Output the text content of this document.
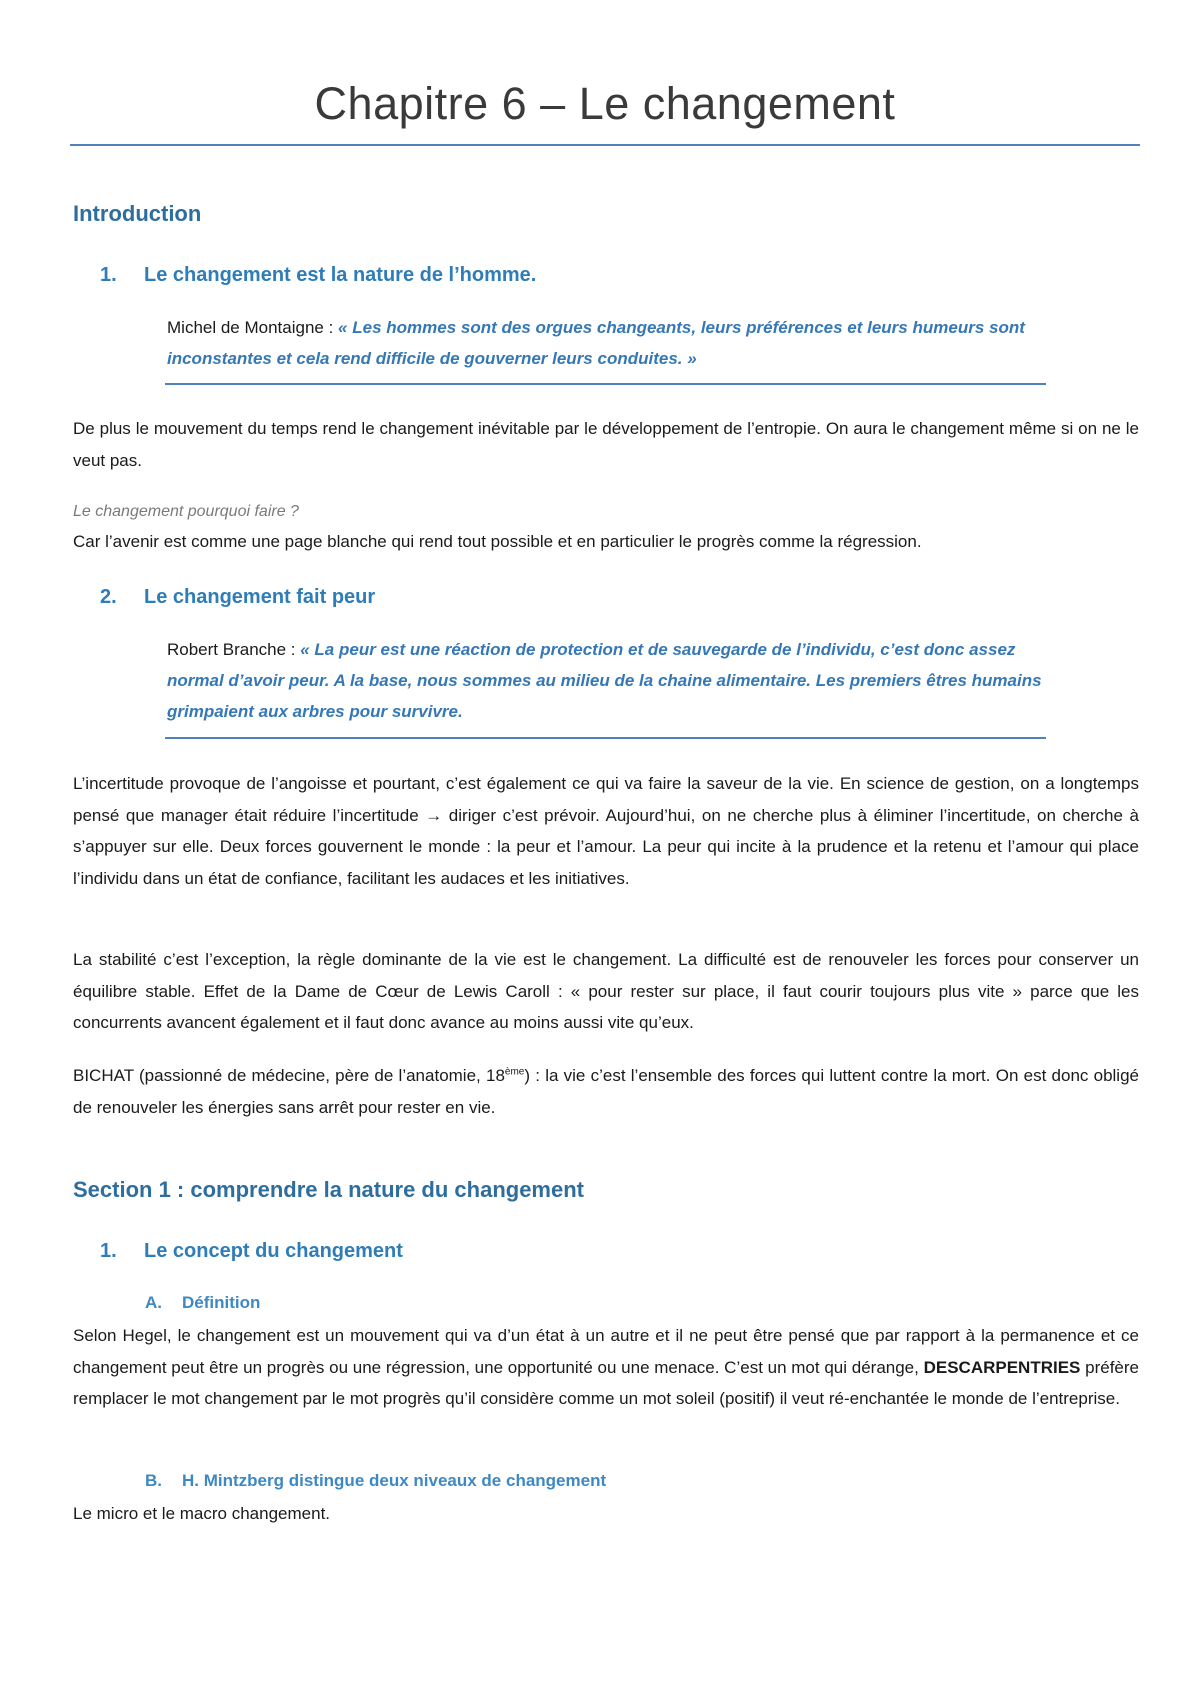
Chapitre 6 – Le changement
Introduction
1. Le changement est la nature de l’homme.
Michel de Montaigne : « Les hommes sont des orgues changeants, leurs préférences et leurs humeurs sont inconstantes et cela rend difficile de gouverner leurs conduites. »
De plus le mouvement du temps rend le changement inévitable par le développement de l’entropie. On aura le changement même si on ne le veut pas.
Le changement pourquoi faire ?
Car l’avenir est comme une page blanche qui rend tout possible et en particulier le progrès comme la régression.
2. Le changement fait peur
Robert Branche : « La peur est une réaction de protection et de sauvegarde de l’individu, c’est donc assez normal d’avoir peur. A la base, nous sommes au milieu de la chaine alimentaire. Les premiers êtres humains grimpaient aux arbres pour survivre.
L’incertitude provoque de l’angoisse et pourtant, c’est également ce qui va faire la saveur de la vie. En science de gestion, on a longtemps pensé que manager était réduire l’incertitude → diriger c’est prévoir. Aujourd’hui, on ne cherche plus à éliminer l’incertitude, on cherche à s’appuyer sur elle. Deux forces gouvernent le monde : la peur et l’amour. La peur qui incite à la prudence et la retenu et l’amour qui place l’individu dans un état de confiance, facilitant les audaces et les initiatives.
La stabilité c’est l’exception, la règle dominante de la vie est le changement. La difficulté est de renouveler les forces pour conserver un équilibre stable. Effet de la Dame de Cœur de Lewis Caroll : « pour rester sur place, il faut courir toujours plus vite » parce que les concurrents avancent également et il faut donc avance au moins aussi vite qu’eux.
BICHAT (passionné de médecine, père de l’anatomie, 18ème) : la vie c’est l’ensemble des forces qui luttent contre la mort. On est donc obligé de renouveler les énergies sans arrêt pour rester en vie.
Section 1 : comprendre la nature du changement
1. Le concept du changement
A. Définition
Selon Hegel, le changement est un mouvement qui va d’un état à un autre et il ne peut être pensé que par rapport à la permanence et ce changement peut être un progrès ou une régression, une opportunité ou une menace. C’est un mot qui dérange, DESCARPENTRIES préfère remplacer le mot changement par le mot progrès qu’il considère comme un mot soleil (positif) il veut ré-enchantée le monde de l’entreprise.
B. H. Mintzberg distingue deux niveaux de changement
Le micro et le macro changement.
